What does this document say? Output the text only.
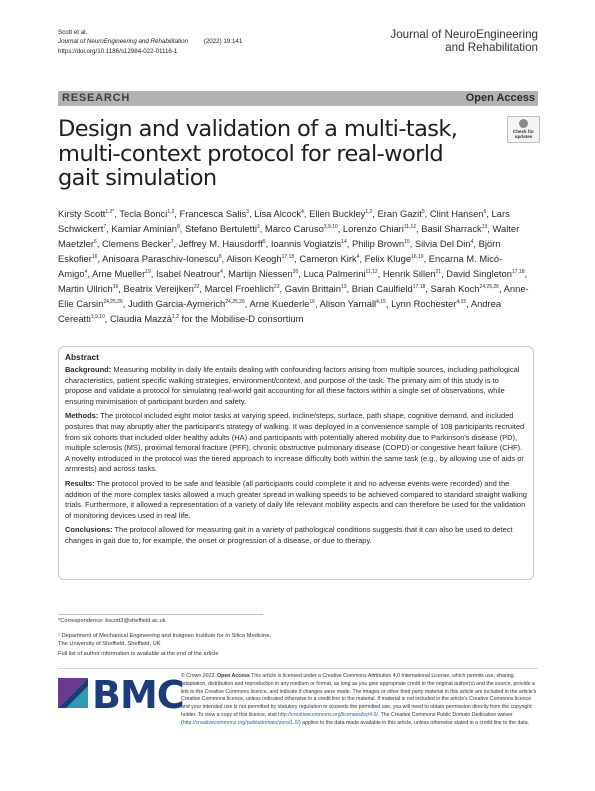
Scott et al.
Journal of NeuroEngineering and Rehabilitation	(2022) 19:141
https://doi.org/10.1186/s12984-022-01116-1
Journal of NeuroEngineering
and Rehabilitation
RESEARCH	Open Access
Design and validation of a multi-task, multi-context protocol for real-world gait simulation
Check for
updates
Kirsty Scott$^{1,2*}$, Tecla Bonci$^{1,2}$, Francesca Salis$^3$, Lisa Alcock$^4$, Ellen Buckley$^{1,2}$, Eran Gazit$^5$, Clint Hansen$^6$, Lars Schwickert$^7$, Kamiar Aminian$^8$, Stefano Bertuletti$^3$, Marco Caruso$^{3,9,10}$, Lorenzo Chiari$^{11,12}$, Basil Sharrack$^{13}$, Walter Maetzler$^6$, Clemens Becker$^7$, Jeffrey M. Hausdorff$^5$, Ioannis Vogiatzis$^{14}$, Philip Brown$^{15}$, Silvia Del Din$^4$, Björn Eskofier$^{16}$, Anisoara Paraschiv-Ionescu$^8$, Alison Keogh$^{17,18}$, Cameron Kirk$^4$, Felix Kluge$^{16,19}$, Encarna M. Micó-Amigo$^4$, Arne Mueller$^{19}$, Isabel Neatrour$^4$, Martijn Niessen$^{20}$, Luca Palmerini$^{11,12}$, Henrik Sillen$^{21}$, David Singleton$^{17,18}$, Martin Ullrich$^{16}$, Beatrix Vereijken$^{22}$, Marcel Froehlich$^{23}$, Gavin Brittain$^{13}$, Brian Caulfield$^{17,18}$, Sarah Koch$^{24,25,26}$, Anne-Elie Carsin$^{24,25,26}$, Judith Garcia-Aymerich$^{24,25,26}$, Arne Kuederle$^{16}$, Alison Yarnall$^{4,15}$, Lynn Rochester$^{4,15}$, Andrea Cereatti$^{3,9,10}$, Claudia Mazzà$^{1,2}$ for the Mobilise-D consortium
Abstract

Background: Measuring mobility in daily life entails dealing with confounding factors arising from multiple sources, including pathological characteristics, patient specific walking strategies, environment/context, and purpose of the task. The primary aim of this study is to propose and validate a protocol for simulating real-world gait accounting for all these factors within a single set of observations, while ensuring minimisation of participant burden and safety.

Methods: The protocol included eight motor tasks at varying speed, incline/steps, surface, path shape, cognitive demand, and included postures that may abruptly alter the participant's strategy of walking. It was deployed in a convenience sample of 108 participants recruited from six cohorts that included older healthy adults (HA) and participants with potentially altered mobility due to Parkinson's disease (PD), multiple sclerosis (MS), proximal femoral fracture (PFF), chronic obstructive pulmonary disease (COPD) or congestive heart failure (CHF). A novelty introduced in the protocol was the tiered approach to increase difficulty both within the same task (e.g., by allowing use of aids or armrests) and across tasks.

Results: The protocol proved to be safe and feasible (all participants could complete it and no adverse events were recorded) and the addition of the more complex tasks allowed a much greater spread in walking speeds to be achieved compared to standard straight walking trials. Furthermore, it allowed a representation of a variety of daily life relevant mobility aspects and can therefore be used for the validation of monitoring devices used in real life.

Conclusions: The protocol allowed for measuring gait in a variety of pathological conditions suggests that it can also be used to detect changes in gait due to, for example, the onset or progression of a disease, or due to therapy.

*Correspondence: kscott3@sheffield.ac.uk
¹ Department of Mechanical Engineering and Insigneo Institute for In Silico Medicine, The University of Sheffield, Sheffield, UK
Full list of author information is available at the end of the article
BMC
© Crown 2022. Open Access This article is licensed under a Creative Commons Attribution 4.0 International License, which permits use, sharing, adaptation, distribution and reproduction in any medium or format, as long as you give appropriate credit to the original author(s) and the source, provide a link to the Creative Commons licence, and indicate if changes were made. The images or other third party material in this article are included in the article's Creative Commons licence, unless indicated otherwise in a credit line to the material. If material is not included in the article's Creative Commons licence and your intended use is not permitted by statutory regulation or exceeds the permitted use, you will need to obtain permission directly from the copyright holder. To view a copy of this licence, visit http://creativecommons.org/licenses/by/4.0/. The Creative Commons Public Domain Dedication waiver (http://creativecommons.org/publicdomain/zero/1.0/) applies to the data made available in this article, unless otherwise stated in a credit line to the data.
